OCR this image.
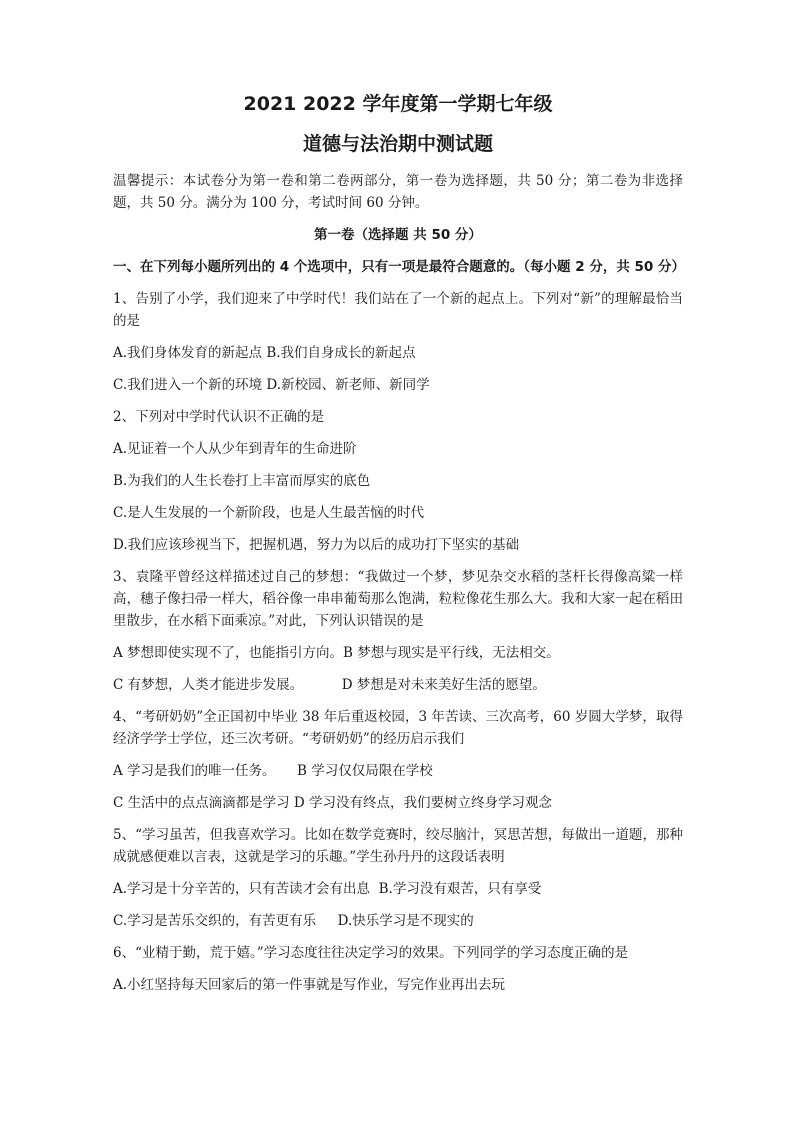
2021 2022 学年度第一学期七年级
道德与法治期中测试题
温馨提示：本试卷分为第一卷和第二卷两部分，第一卷为选择题，共 50 分；第二卷为非选择题，共 50 分。满分为 100 分，考试时间 60 分钟。
第一卷（选择题 共 50 分）
一、在下列每小题所列出的 4 个选项中，只有一项是最符合题意的。（每小题 2 分，共 50 分）
1、告别了小学，我们迎来了中学时代！我们站在了一个新的起点上。下列对“新”的理解最恰当的是
A.我们身体发育的新起点 B.我们自身成长的新起点
C.我们进入一个新的环境 D.新校园、新老师、新同学
2、下列对中学时代认识不正确的是
A.见证着一个人从少年到青年的生命进阶
B.为我们的人生长卷打上丰富而厚实的底色
C.是人生发展的一个新阶段，也是人生最苦恼的时代
D.我们应该珍视当下，把握机遇，努力为以后的成功打下坚实的基础
3、袁隆平曾经这样描述过自己的梦想：“我做过一个梦，梦见杂交水稻的茎杆长得像高粱一样高，穗子像扫帚一样大，稻谷像一串串葡萄那么饱满，粒粒像花生那么大。我和大家一起在稻田里散步，在水稻下面乘凉。”对此，下列认识错误的是
A 梦想即使实现不了，也能指引方向。B 梦想与现实是平行线，无法相交。
C 有梦想，人类才能进步发展。         D 梦想是对未来美好生活的愿望。
4、“考研奶奶”全正国初中毕业 38 年后重返校园，3 年苦读、三次高考，60 岁圆大学梦，取得经济学学士学位，还三次考研。“考研奶奶”的经历启示我们
A 学习是我们的唯一任务。     B 学习仅仅局限在学校
C 生活中的点点滴滴都是学习 D 学习没有终点，我们要树立终身学习观念
5、“学习虽苦，但我喜欢学习。比如在数学竞赛时，绞尽脑汁，冥思苦想，每做出一道题，那种成就感便难以言表，这就是学习的乐趣。”学生孙丹丹的这段话表明
A.学习是十分辛苦的，只有苦读才会有出息  B.学习没有艰苦，只有享受
C.学习是苦乐交织的，有苦更有乐     D.快乐学习是不现实的
6、“业精于勤，荒于嬉。”学习态度往往决定学习的效果。下列同学的学习态度正确的是
A.小红坚持每天回家后的第一件事就是写作业，写完作业再出去玩
